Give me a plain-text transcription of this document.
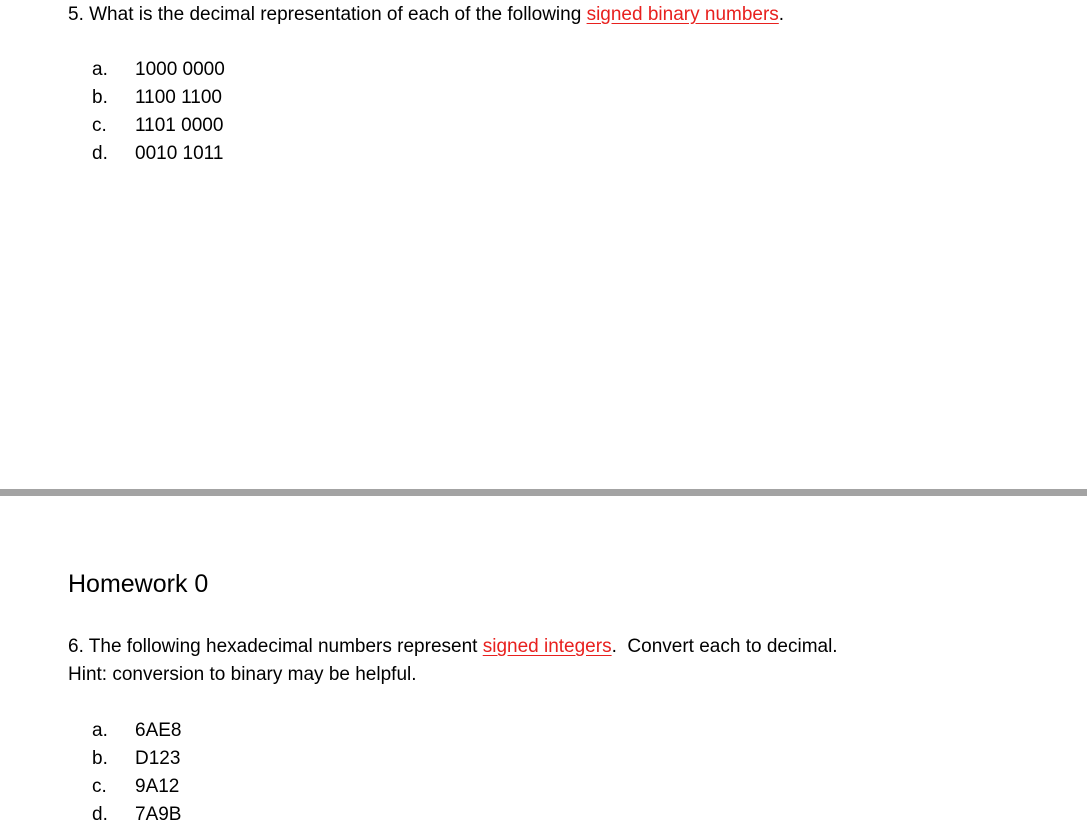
5. What is the decimal representation of each of the following signed binary numbers.
a.	1000 0000
b.	1100 1100
c.	1101 0000
d.	0010 1011
Homework 0
6. The following hexadecimal numbers represent signed integers.  Convert each to decimal.
Hint: conversion to binary may be helpful.
a.	6AE8
b.	D123
c.	9A12
d.	7A9B
